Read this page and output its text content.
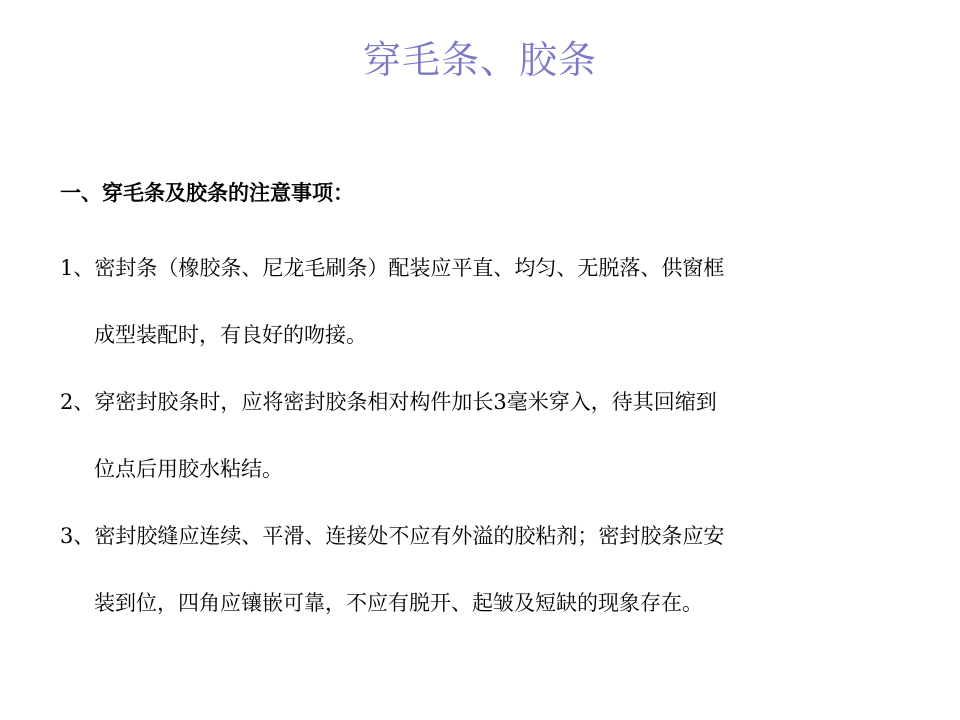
穿毛条、胶条
一、穿毛条及胶条的注意事项：
1、密封条（橡胶条、尼龙毛刷条）配装应平直、均匀、无脱落、供窗框
成型装配时，有良好的吻接。
2、穿密封胶条时，应将密封胶条相对构件加长3毫米穿入，待其回缩到
位点后用胶水粘结。
3、密封胶缝应连续、平滑、连接处不应有外溢的胶粘剂；密封胶条应安
装到位，四角应镶嵌可靠，不应有脱开、起皱及短缺的现象存在。
